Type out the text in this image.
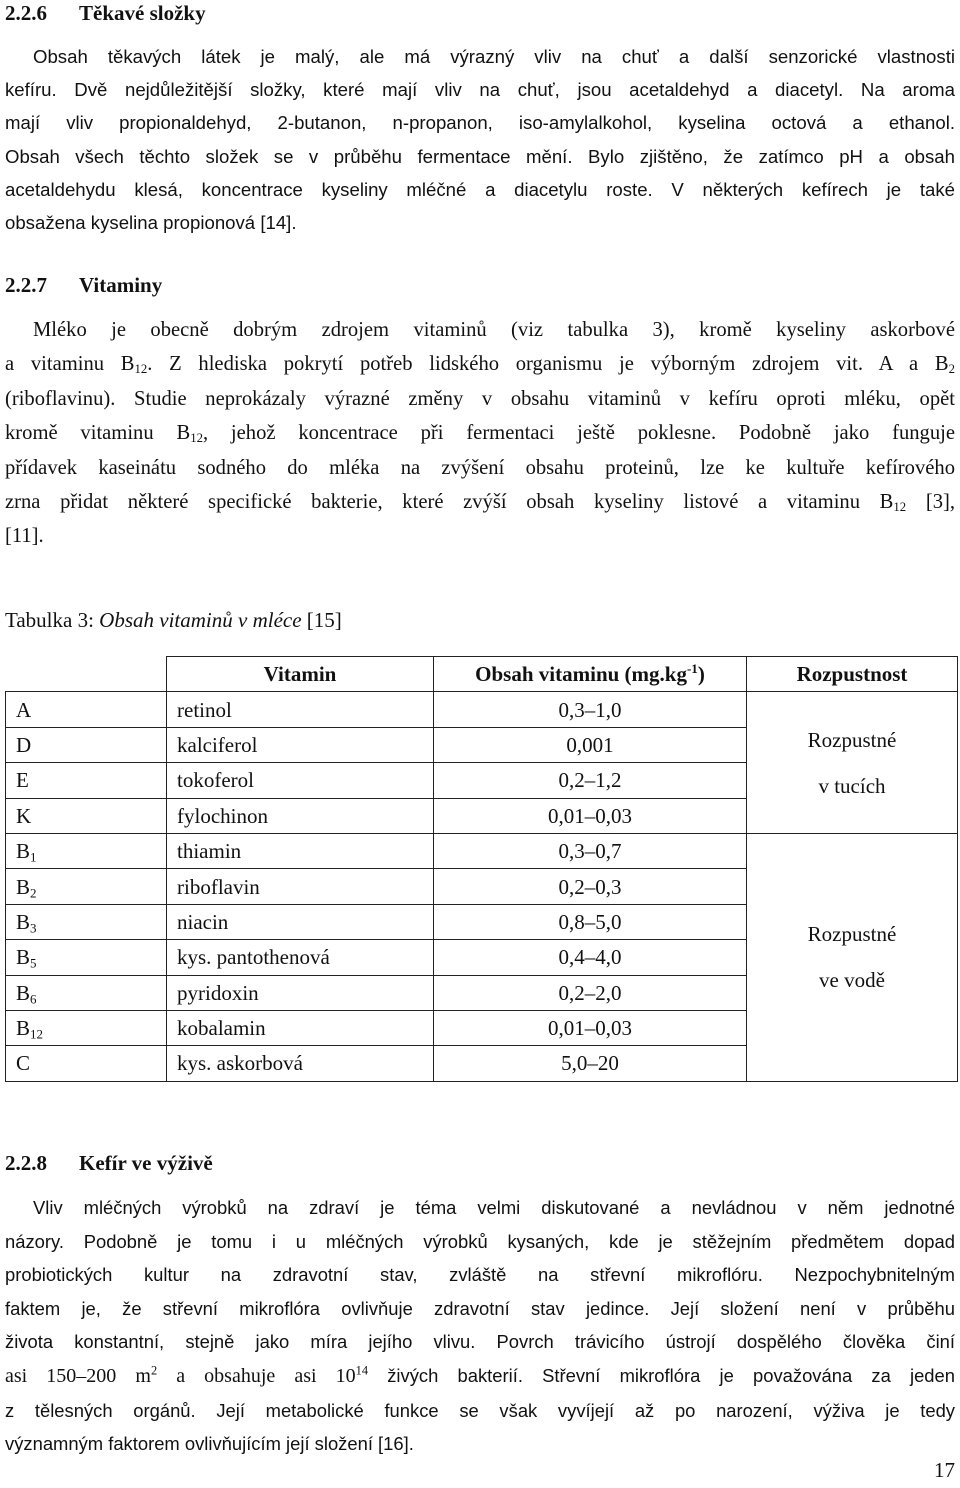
2.2.6 Těkavé složky
Obsah těkavých látek je malý, ale má výrazný vliv na chuť a další senzorické vlastnosti
kefíru. Dvě nejdůležitější složky, které mají vliv na chuť, jsou acetaldehyd a diacetyl. Na aroma
mají vliv propionaldehyd, 2-butanon, n-propanon, iso-amylalkohol, kyselina octová a ethanol.
Obsah všech těchto složek se v průběhu fermentace mění. Bylo zjištěno, že zatímco pH a obsah
acetaldehydu klesá, koncentrace kyseliny mléčné a diacetylu roste. V některých kefírech je také
obsažena kyselina propionová [14].
2.2.7 Vitaminy
Mléko je obecně dobrým zdrojem vitaminů (viz tabulka 3), kromě kyseliny askorbové
a vitaminu $B_{12}$. Z hlediska pokrytí potřeb lidského organismu je výborným zdrojem vit. A a $B_2$
(riboflavinu). Studie neprokázaly výrazné změny v obsahu vitaminů v kefíru oproti mléku, opět
kromě vitaminu $B_{12}$, jehož koncentrace při fermentaci ještě poklesne. Podobně jako funguje
přídavek kaseinátu sodného do mléka na zvýšení obsahu proteinů, lze ke kultuře kefírového
zrna přidat některé specifické bakterie, které zvýší obsah kyseliny listové a vitaminu $B_{12}$ [3],
[11].
Tabulka 3: Obsah vitaminů v mléce [15]
	Vitamin	Obsah vitaminu $(mg.kg^{-1})$	Rozpustnost
A	retinol	0,3–1,0	Rozpustné
v tucích

D	kalciferol	0,001	
E	tokoferol	0,2–1,2	
K	fylochinon	0,01–0,03	
$B_1$	thiamin	0,3–0,7	Rozpustné
ve vodě

$B_2$	riboflavin	0,2–0,3	
$B_3$	niacin	0,8–5,0	
$B_5$	kys. pantothenová	0,4–4,0	
$B_6$	pyridoxin	0,2–2,0	
$B_{12}$	kobalamin	0,01–0,03	
C	kys. askorbová	5,0–20	
2.2.8 Kefír ve výživě
Vliv mléčných výrobků na zdraví je téma velmi diskutované a nevládnou v něm jednotné
názory. Podobně je tomu i u mléčných výrobků kysaných, kde je stěžejním předmětem dopad
probiotických kultur na zdravotní stav, zvláště na střevní mikroflóru. Nezpochybnitelným
faktem je, že střevní mikroflóra ovlivňuje zdravotní stav jedince. Její složení není v průběhu
života konstantní, stejně jako míra jejího vlivu. Povrch trávicího ústrojí dospělého člověka činí
asi 150–200 $m^2$ a obsahuje asi $10^{14}$ živých bakterií. Střevní mikroflóra je považována za jeden
z tělesných orgánů. Její metabolické funkce se však vyvíjejí až po narození, výživa je tedy
významným faktorem ovlivňujícím její složení [16].
17
